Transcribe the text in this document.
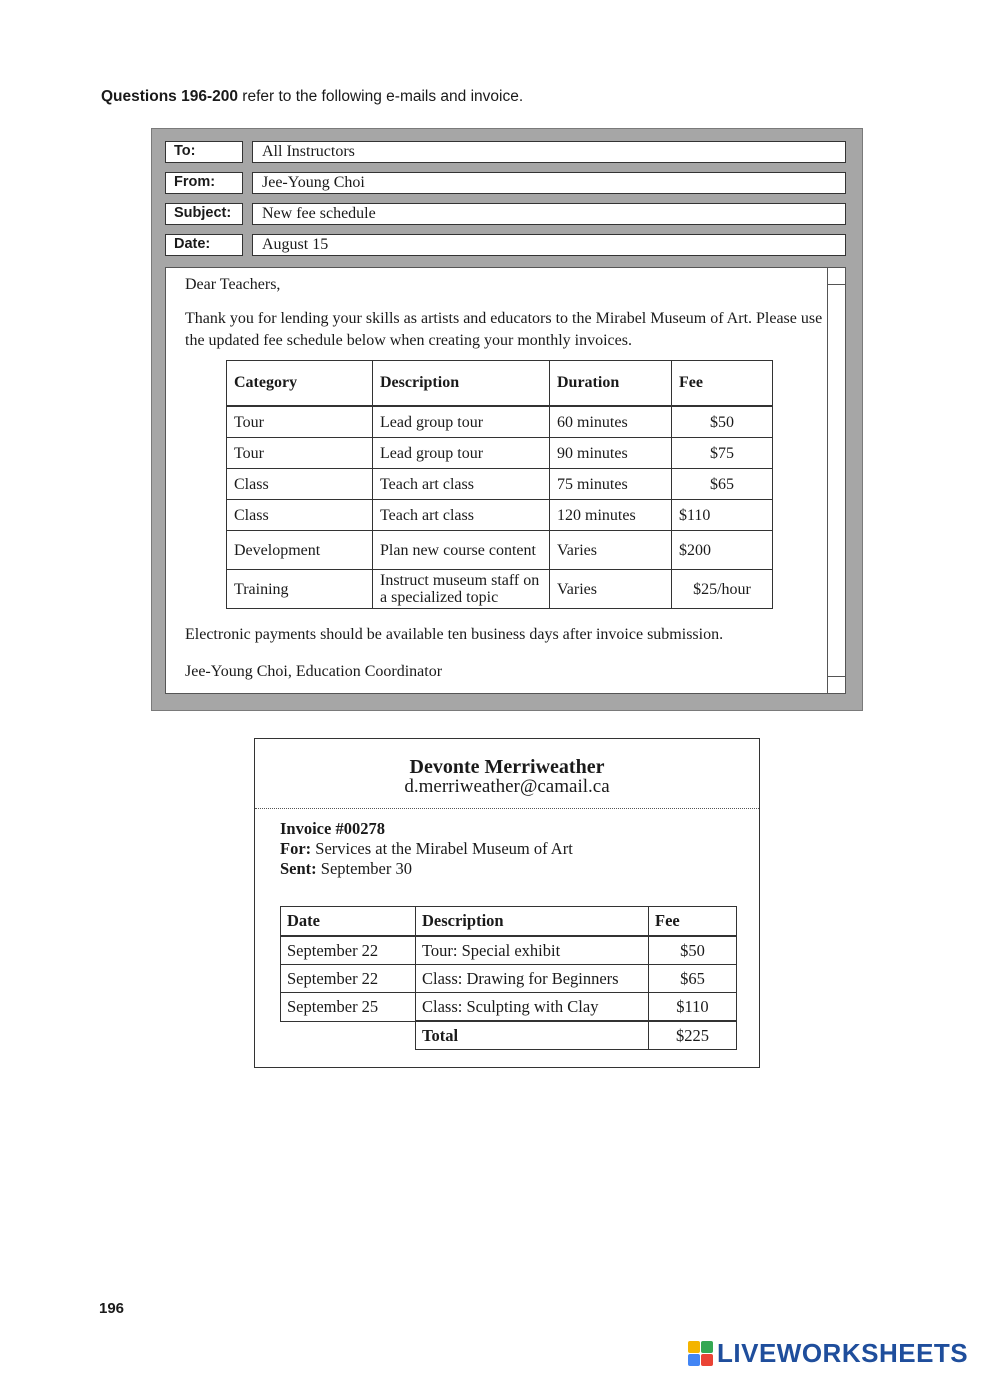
Questions 196-200 refer to the following e-mails and invoice.
To:	All Instructors
From:	Jee-Young Choi
Subject:	New fee schedule
Date:	August 15
Dear Teachers,
Thank you for lending your skills as artists and educators to the Mirabel Museum of Art. Please use the updated fee schedule below when creating your monthly invoices.
Category	Description	Duration	Fee
Tour	Lead group tour	60 minutes	$50
Tour	Lead group tour	90 minutes	$75
Class	Teach art class	75 minutes	$65
Class	Teach art class	120 minutes	$110
Development	Plan new course content	Varies	$200
Training	Instruct museum staff on a specialized topic	Varies	$25/hour
Electronic payments should be available ten business days after invoice submission.
Jee-Young Choi, Education Coordinator
Devonte Merriweather
d.merriweather@camail.ca
Invoice #00278
For: Services at the Mirabel Museum of Art
Sent: September 30
Date	Description	Fee
September 22	Tour: Special exhibit	$50
September 22	Class: Drawing for Beginners	$65
September 25	Class: Sculpting with Clay	$110
	Total	$225
196
LIVEWORKSHEETS
